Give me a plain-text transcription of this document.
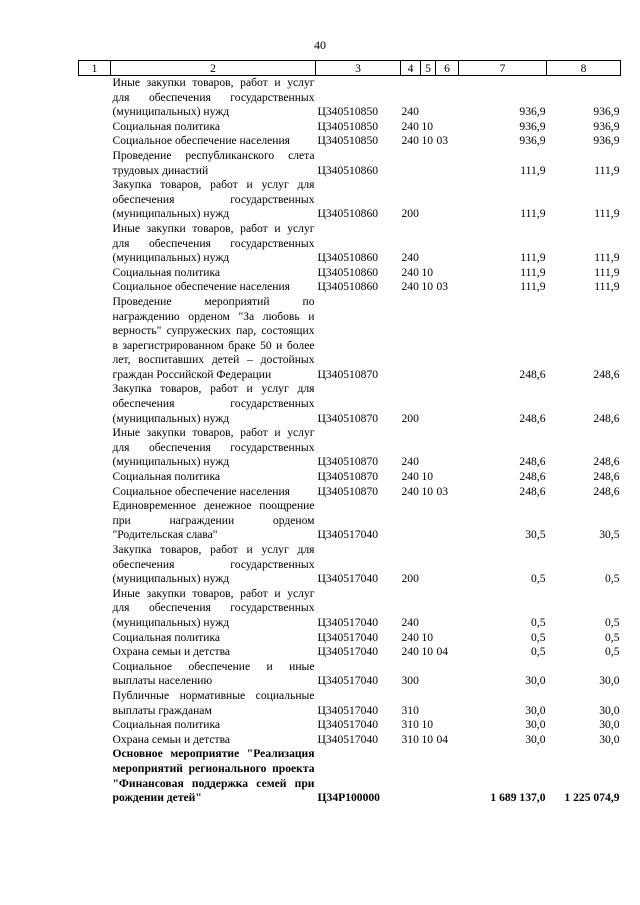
40
1	2	3	4	5	6	7	8
	Иные закупки товаров, работ и услуг для обеспечения государственных (муниципальных) нужд	Ц340510850	240			936,9	936,9
	Социальная политика	Ц340510850	240	10		936,9	936,9
	Социальное обеспечение населения	Ц340510850	240	10	03	936,9	936,9
	Проведение республиканского слета трудовых династий	Ц340510860				111,9	111,9
	Закупка товаров, работ и услуг для обеспечения государственных (муниципальных) нужд	Ц340510860	200			111,9	111,9
	Иные закупки товаров, работ и услуг для обеспечения государственных (муниципальных) нужд	Ц340510860	240			111,9	111,9
	Социальная политика	Ц340510860	240	10		111,9	111,9
	Социальное обеспечение населения	Ц340510860	240	10	03	111,9	111,9
	Проведение мероприятий по награждению орденом "За любовь и верность" супружеских пар, состоящих в зарегистрированном браке 50 и более лет, воспитавших детей – достойных граждан Российской Федерации	Ц340510870				248,6	248,6
	Закупка товаров, работ и услуг для обеспечения государственных (муниципальных) нужд	Ц340510870	200			248,6	248,6
	Иные закупки товаров, работ и услуг для обеспечения государственных (муниципальных) нужд	Ц340510870	240			248,6	248,6
	Социальная политика	Ц340510870	240	10		248,6	248,6
	Социальное обеспечение населения	Ц340510870	240	10	03	248,6	248,6
	Единовременное денежное поощрение при награждении орденом "Родительская слава"	Ц340517040				30,5	30,5
	Закупка товаров, работ и услуг для обеспечения государственных (муниципальных) нужд	Ц340517040	200			0,5	0,5
	Иные закупки товаров, работ и услуг для обеспечения государственных (муниципальных) нужд	Ц340517040	240			0,5	0,5
	Социальная политика	Ц340517040	240	10		0,5	0,5
	Охрана семьи и детства	Ц340517040	240	10	04	0,5	0,5
	Социальное обеспечение и иные выплаты населению	Ц340517040	300			30,0	30,0
	Публичные нормативные социальные выплаты гражданам	Ц340517040	310			30,0	30,0
	Социальная политика	Ц340517040	310	10		30,0	30,0
	Охрана семьи и детства	Ц340517040	310	10	04	30,0	30,0
	Основное мероприятие "Реализация мероприятий регионального проекта "Финансовая поддержка семей при рождении детей"	Ц34Р100000				1 689 137,0	1 225 074,9
